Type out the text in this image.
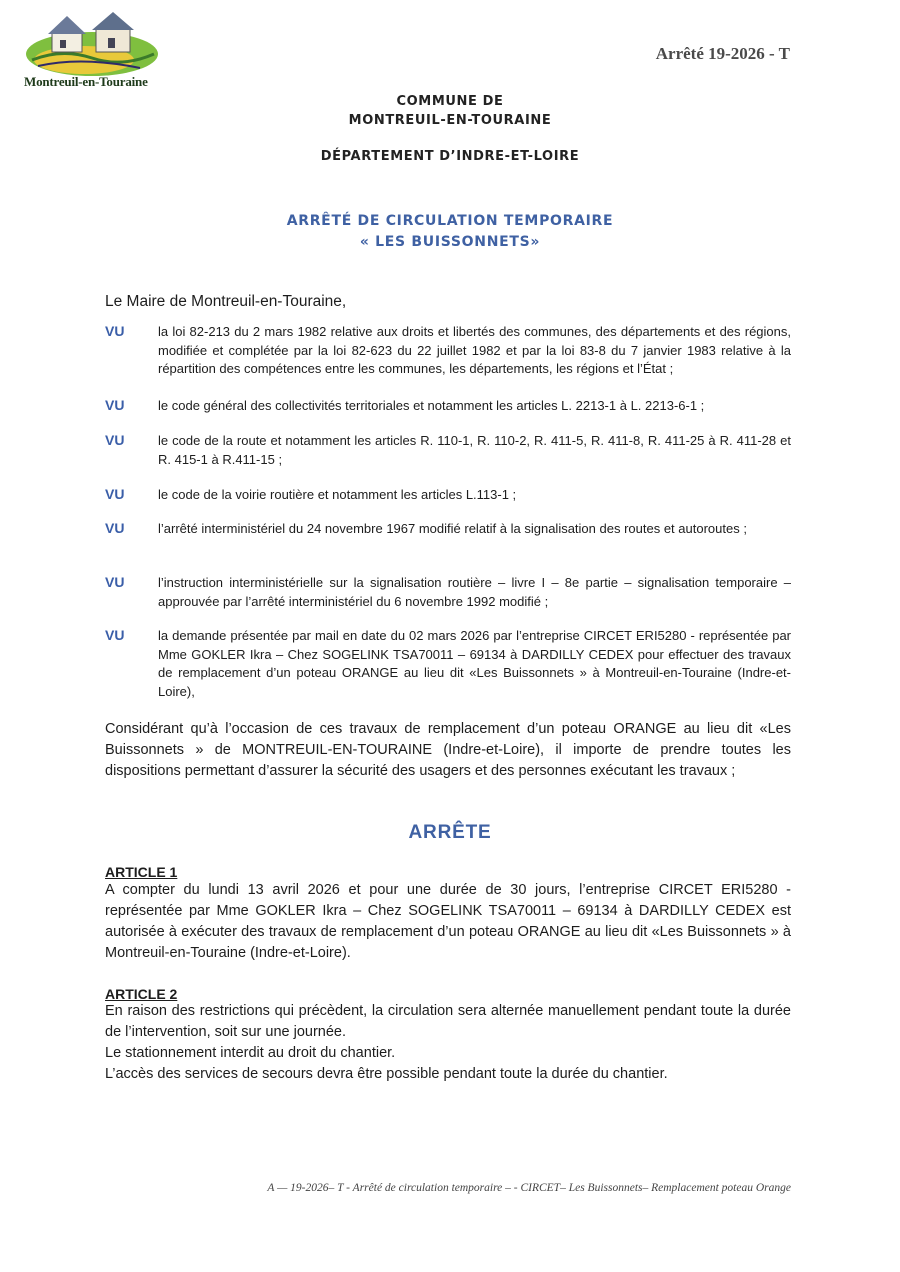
Montreuil-en-Touraine
Arrêté 19-2026 - T
COMMUNE DE
MONTREUIL-EN-TOURAINE
DÉPARTEMENT D’INDRE-ET-LOIRE
ARRÊTÉ DE CIRCULATION TEMPORAIRE
« LES BUISSONNETS»
Le Maire de Montreuil-en-Touraine,
VU	la loi 82-213 du 2 mars 1982 relative aux droits et libertés des communes, des départements et des régions, modifiée et complétée par la loi 82-623 du 22 juillet 1982 et par la loi 83-8 du 7 janvier 1983 relative à la répartition des compétences entre les communes, les départements, les régions et l’État ;
VU	le code général des collectivités territoriales et notamment les articles L. 2213-1 à L. 2213-6-1 ;
VU	le code de la route et notamment les articles R. 110-1, R. 110-2, R. 411-5, R. 411-8, R. 411-25 à R. 411-28 et R. 415-1 à R.411-15 ;
VU	le code de la voirie routière et notamment les articles L.113-1 ;
VU	l’arrêté interministériel du 24 novembre 1967 modifié relatif à la signalisation des routes et autoroutes ;
VU	l’instruction interministérielle sur la signalisation routière – livre I – 8e partie – signalisation temporaire – approuvée par l’arrêté interministériel du 6 novembre 1992 modifié ;
VU	la demande présentée par mail en date du 02 mars 2026 par l’entreprise CIRCET ERI5280 - représentée par Mme GOKLER Ikra – Chez SOGELINK TSA70011 – 69134 à DARDILLY CEDEX pour effectuer des travaux de remplacement d’un poteau ORANGE au lieu dit «Les Buissonnets » à Montreuil-en-Touraine (Indre-et-Loire),
Considérant qu’à l’occasion de ces travaux de remplacement d’un poteau ORANGE au lieu dit «Les Buissonnets » de MONTREUIL-EN-TOURAINE (Indre-et-Loire), il importe de prendre toutes les dispositions permettant d’assurer la sécurité des usagers et des personnes exécutant les travaux ;
ARRÊTE
ARTICLE 1
A compter du lundi 13 avril 2026 et pour une durée de 30 jours, l’entreprise CIRCET ERI5280 - représentée par Mme GOKLER Ikra – Chez SOGELINK TSA70011 – 69134 à DARDILLY CEDEX est autorisée à exécuter des travaux de remplacement d’un poteau ORANGE au lieu dit «Les Buissonnets » à Montreuil-en-Touraine (Indre-et-Loire).
ARTICLE 2
En raison des restrictions qui précèdent, la circulation sera alternée manuellement pendant toute la durée de l’intervention, soit sur une journée.
Le stationnement interdit au droit du chantier.
L’accès des services de secours devra être possible pendant toute la durée du chantier.
A — 19-2026– T - Arrêté de circulation temporaire – - CIRCET– Les Buissonnets– Remplacement poteau Orange
